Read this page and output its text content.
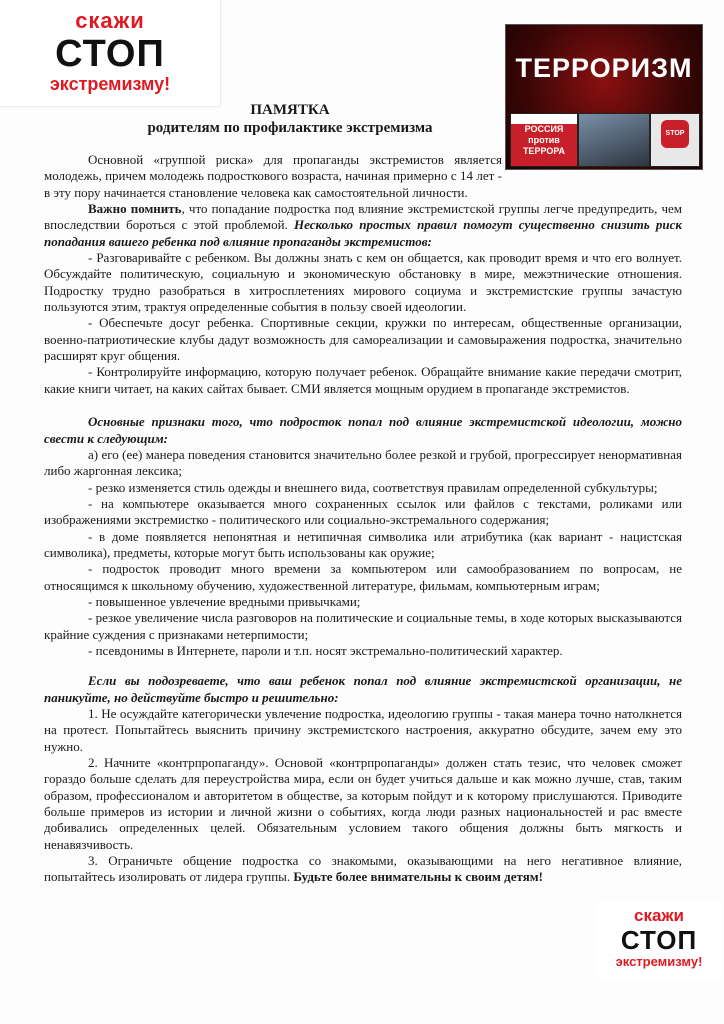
скажи
СТОП
экстремизму!
ТЕРРОРИЗМ
РОССИЯ против ТЕРРОРА
STOP
ПАМЯТКА
родителям по профилактике экстремизма

Основной «группой риска» для пропаганды экстремистов является молодежь, причем молодежь подросткового возраста, начиная примерно с 14 лет - в эту пору начинается становление человека как самостоятельной личности.

Важно помнить, что попадание подростка под влияние экстремистской группы легче предупредить, чем впоследствии бороться с этой проблемой. Несколько простых правил помогут существенно снизить риск попадания вашего ребенка под влияние пропаганды экстремистов:

- Разговаривайте с ребенком. Вы должны знать с кем он общается, как проводит время и что его волнует. Обсуждайте политическую, социальную и экономическую обстановку в мире, межэтнические отношения. Подростку трудно разобраться в хитросплетениях мирового социума и экстремистские группы зачастую пользуются этим, трактуя определенные события в пользу своей идеологии.

- Обеспечьте досуг ребенка. Спортивные секции, кружки по интересам, общественные организации, военно-патриотические клубы дадут возможность для самореализации и самовыражения подростка, значительно расширят круг общения.

- Контролируйте информацию, которую получает ребенок. Обращайте внимание какие передачи смотрит, какие книги читает, на каких сайтах бывает. СМИ является мощным орудием в пропаганде экстремистов.

Основные признаки того, что подросток попал под влияние экстремистской идеологии, можно свести к следующим:

а) его (ее) манера поведения становится значительно более резкой и грубой, прогрессирует ненормативная либо жаргонная лексика;

- резко изменяется стиль одежды и внешнего вида, соответствуя правилам определенной субкультуры;

- на компьютере оказывается много сохраненных ссылок или файлов с текстами, роликами или изображениями экстремистко - политического или социально-экстремального содержания;

- в доме появляется непонятная и нетипичная символика или атрибутика (как вариант - нацистская символика), предметы, которые могут быть использованы как оружие;

- подросток проводит много времени за компьютером или самообразованием по вопросам, не относящимся к школьному обучению, художественной литературе, фильмам, компьютерным играм;

- повышенное увлечение вредными привычками;

- резкое увеличение числа разговоров на политические и социальные темы, в ходе которых высказываются крайние суждения с признаками нетерпимости;

- псевдонимы в Интернете, пароли и т.п. носят экстремально-политический характер.

Если вы подозреваете, что ваш ребенок попал под влияние экстремистской организации, не паникуйте, но действуйте быстро и решительно:

1. Не осуждайте категорически увлечение подростка, идеологию группы - такая манера точно натолкнется на протест. Попытайтесь выяснить причину экстремистского настроения, аккуратно обсудите, зачем ему это нужно.

2. Начните «контрпропаганду». Основой «контрпропаганды» должен стать тезис, что человек сможет гораздо больше сделать для переустройства мира, если он будет учиться дальше и как можно лучше, став, таким образом, профессионалом и авторитетом в обществе, за которым пойдут и к которому прислушаются. Приводите больше примеров из истории и личной жизни о событиях, когда люди разных национальностей и рас вместе добивались определенных целей. Обязательным условием такого общения должны быть мягкость и ненавязчивость.

3. Ограничьте общение подростка со знакомыми, оказывающими на него негативное влияние, попытайтесь изолировать от лидера группы. Будьте более внимательны к своим детям!

скажи
СТОП
экстремизму!
